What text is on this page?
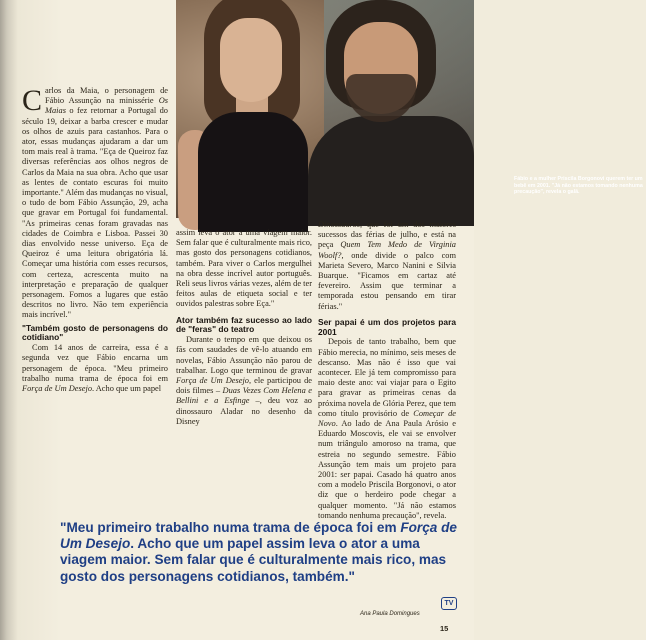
Fábio e a mulher Priscila Borgonovi querem ter um bebê em 2001. "Já não estamos tomando nenhuma precaução", revela o galã.

Carlos da Maia, o personagem de Fábio Assunção na minissérie Os Maias o fez retornar a Portugal do século 19, deixar a barba crescer e mudar os olhos de azuis para castanhos. Para o ator, essas mudanças ajudaram a dar um tom mais real à trama. "Eça de Queiroz faz diversas referências aos olhos negros de Carlos da Maia na sua obra. Acho que usar as lentes de contato escuras foi muito importante." Além das mudanças no visual, o tudo de bom Fábio Assunção, 29, acha que gravar em Portugal foi fundamental. "As primeiras cenas foram gravadas nas cidades de Coimbra e Lisboa. Passei 30 dias envolvido nesse universo. Eça de Queiroz é uma leitura obrigatória lá. Começar uma história com esses recursos, com certeza, acrescenta muito na interpretação e preparação de qualquer personagem. Fomos a lugares que estão descritos no livro. Não tem experiência mais incrível."

"Também gosto de personagens do cotidiano"

Com 14 anos de carreira, essa é a segunda vez que Fábio encarna um personagem de época. "Meu primeiro trabalho numa trama de época foi em Força de Um Desejo. Acho que um papel

assim leva o ator a uma viagem maior. Sem falar que é culturalmente mais rico, mas gosto dos personagens cotidianos, também. Para viver o Carlos mergulhei na obra desse incrível autor português. Reli seus livros várias vezes, além de ter feitos aulas de etiqueta social e ter ouvidos palestras sobre Eça."

Ator também faz sucesso ao lado de "feras" do teatro

Durante o tempo em que deixou os fãs com saudades de vê-lo atuando em novelas, Fábio Assunção não parou de trabalhar. Logo que terminou de gravar Força de Um Desejo, ele participou de dois filmes – Duas Vezes Com Helena e Bellini e a Esfinge –, deu voz ao dinossauro Aladar no desenho da Disney

Dinossauros, que foi um dos maiores sucessos das férias de julho, e está na peça Quem Tem Medo de Virginia Woolf?, onde divide o palco com Marieta Severo, Marco Nanini e Silvia Buarque. "Ficamos em cartaz até fevereiro. Assim que terminar a temporada estou pensando em tirar férias."

Ser papai é um dos projetos para 2001

Depois de tanto trabalho, bem que Fábio merecia, no mínimo, seis meses de descanso. Mas não é isso que vai acontecer. Ele já tem compromisso para maio deste ano: vai viajar para o Egito para gravar as primeiras cenas da próxima novela de Glória Perez, que tem como título provisório de Começar de Novo. Ao lado de Ana Paula Arósio e Eduardo Moscovis, ele vai se envolver num triângulo amoroso na trama, que estreia no segundo semestre. Fábio Assunção tem mais um projeto para 2001: ser papai. Casado há quatro anos com a modelo Priscila Borgonovi, o ator diz que o herdeiro pode chegar a qualquer momento. "Já não estamos tomando nenhuma precaução", revela.

"Meu primeiro trabalho numa trama de época foi em Força de Um Desejo. Acho que um papel assim leva o ator a uma viagem maior. Sem falar que é culturalmente mais rico, mas gosto dos personagens cotidianos, também."
TV
Ana Paula Domingues
15
